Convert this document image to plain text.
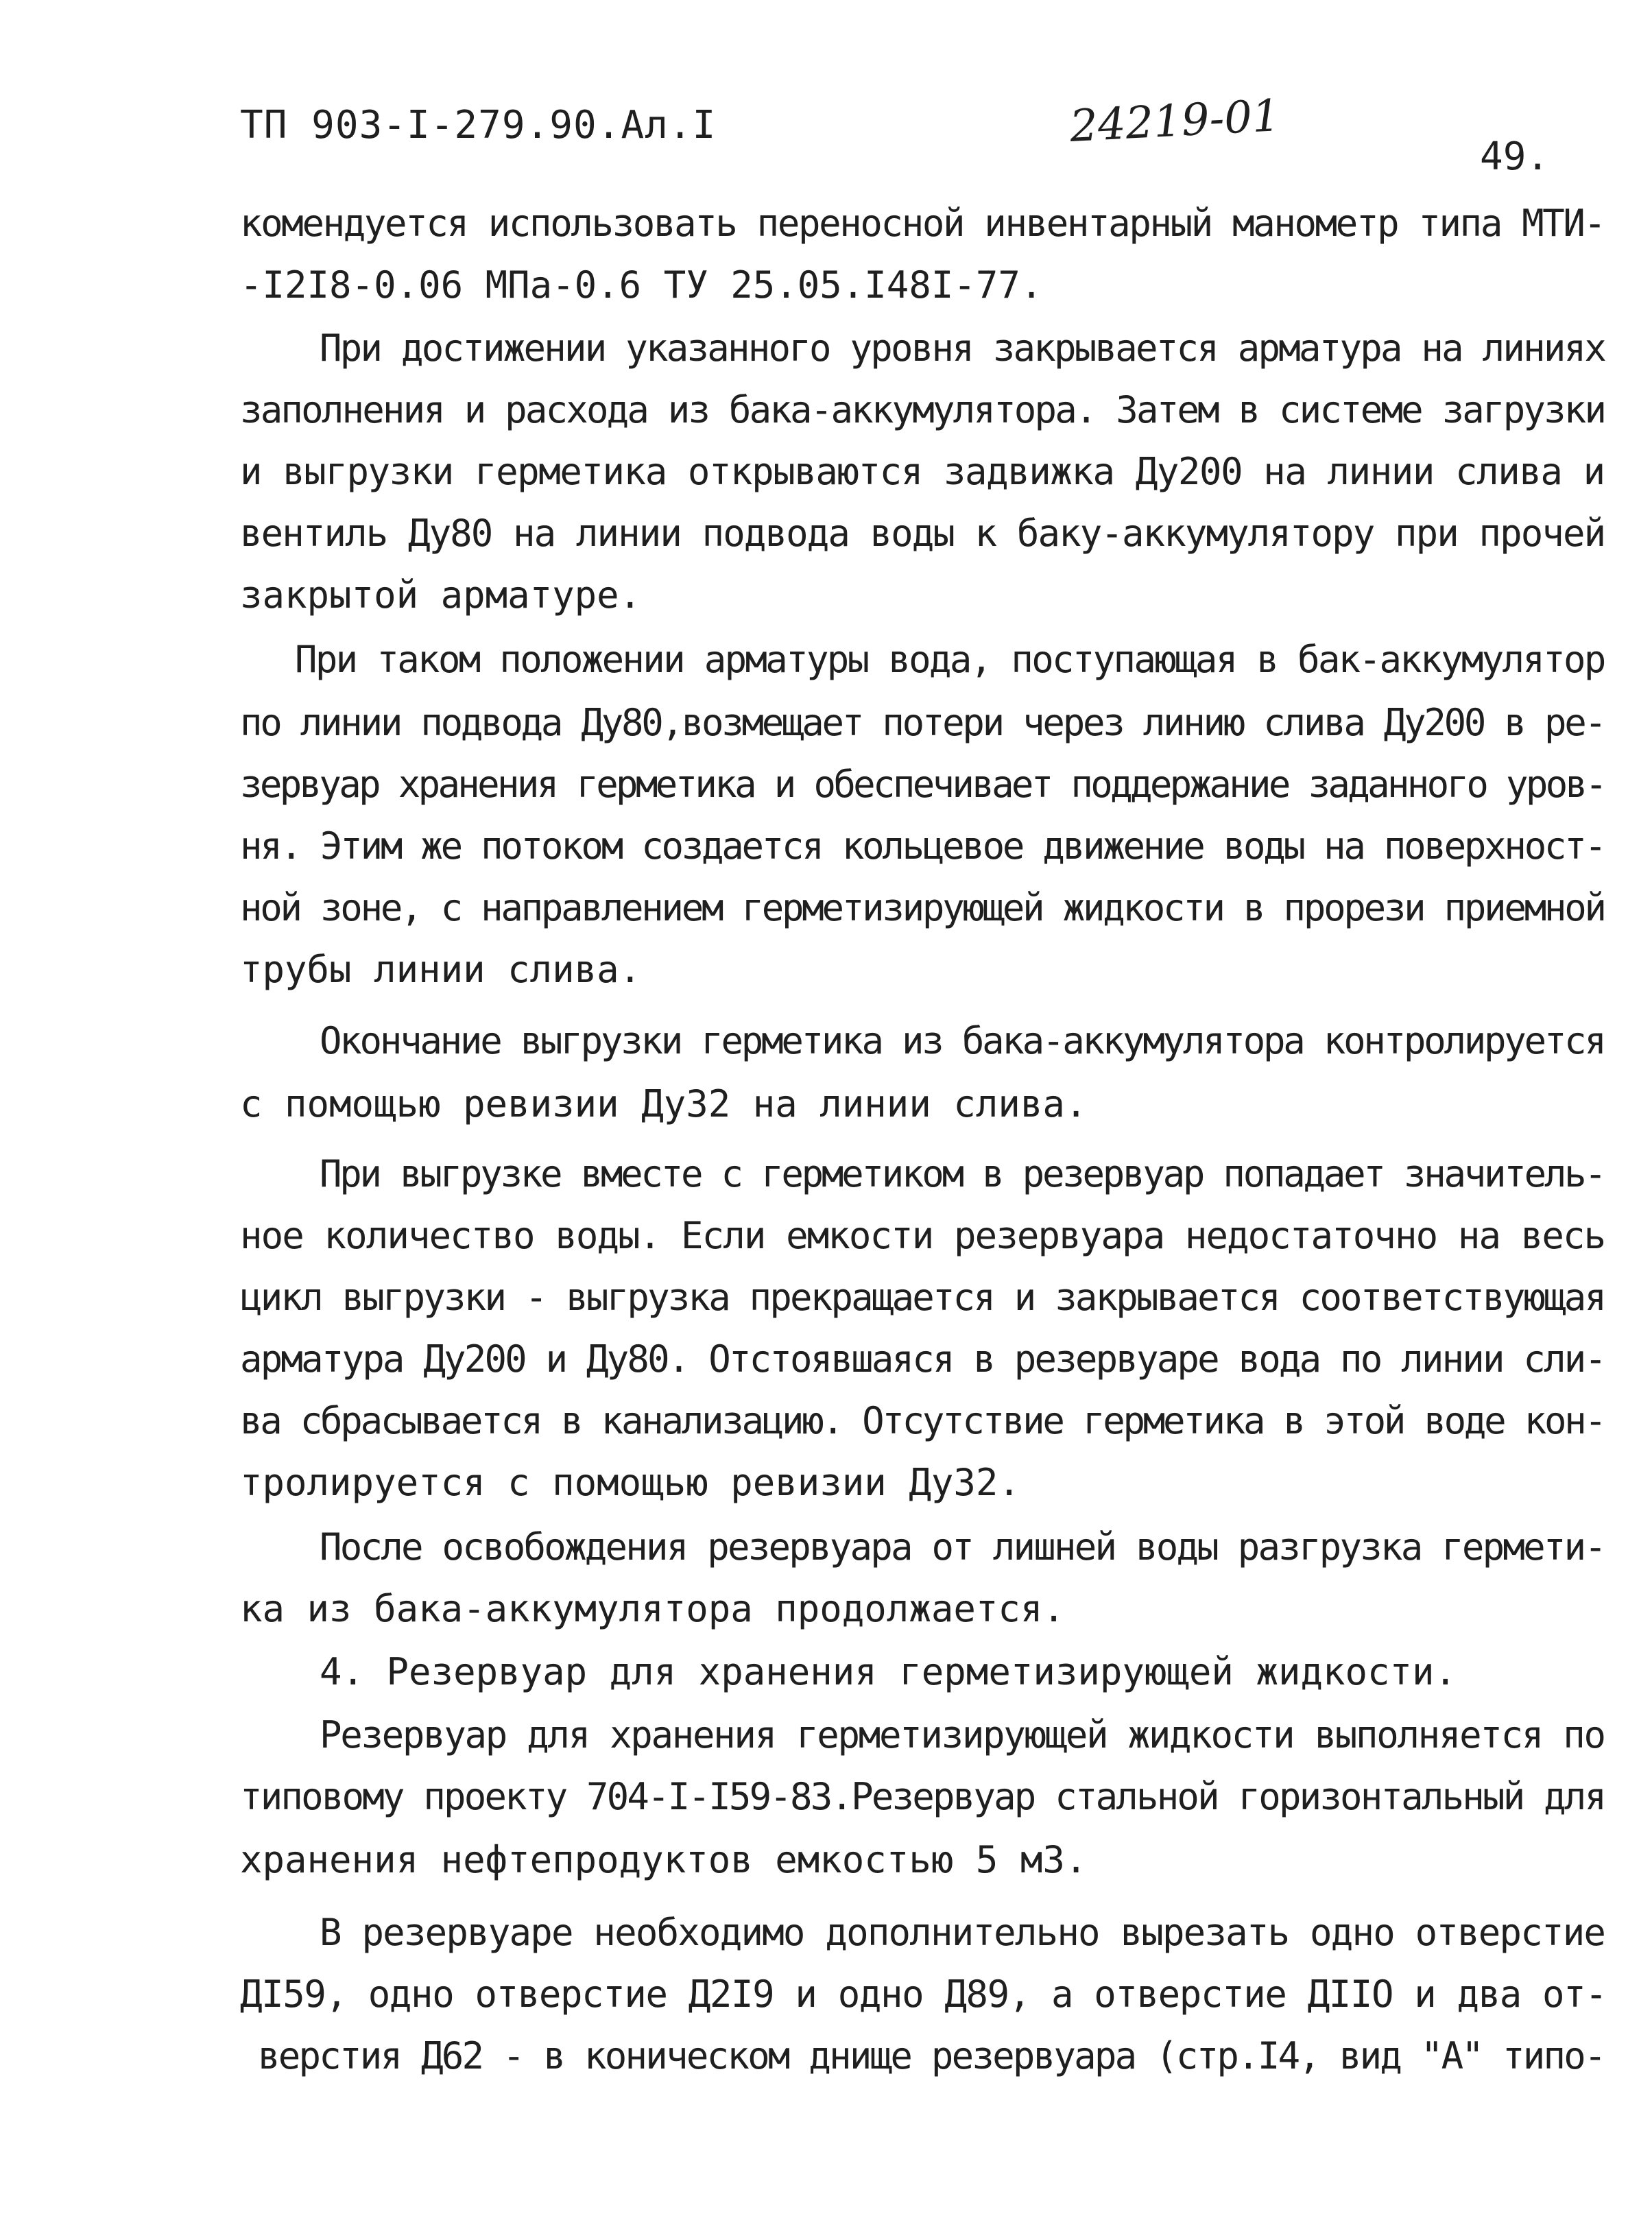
ТП 903-I-279.90.Ал.I	24219-01
49.
комендуется использовать переносной инвентарный манометр типа МТИ-
-I2I8-0.06 МПа-0.6 ТУ 25.05.I48I-77.
При достижении указанного уровня закрывается арматура на линиях
заполнения и расхода из бака-аккумулятора. Затем в системе загрузки
и выгрузки герметика открываются задвижка Ду200 на линии слива и
вентиль Ду80 на линии подвода воды к баку-аккумулятору при прочей
закрытой арматуре.
При таком положении арматуры вода, поступающая в бак-аккумулятор
по линии подвода Ду80,возмещает потери через линию слива Ду200 в ре-
зервуар хранения герметика и обеспечивает поддержание заданного уров-
ня. Этим же потоком создается кольцевое движение воды на поверхност-
ной зоне, с направлением герметизирующей жидкости в прорези приемной
трубы линии слива.
Окончание выгрузки герметика из бака-аккумулятора контролируется
с помощью ревизии Ду32 на линии слива.
При выгрузке вместе с герметиком в резервуар попадает значитель-
ное количество воды. Если емкости резервуара недостаточно на весь
цикл выгрузки - выгрузка прекращается и закрывается соответствующая
арматура Ду200 и Ду80. Отстоявшаяся в резервуаре вода по линии сли-
ва сбрасывается в канализацию. Отсутствие герметика в этой воде кон-
тролируется с помощью ревизии Ду32.
После освобождения резервуара от лишней воды разгрузка гермети-
ка из бака-аккумулятора продолжается.
4. Резервуар для хранения герметизирующей жидкости.
Резервуар для хранения герметизирующей жидкости выполняется по
типовому проекту 704-I-I59-83.Резервуар стальной горизонтальный для
хранения нефтепродуктов емкостью 5 м3.
В резервуаре необходимо дополнительно вырезать одно отверстие
ДI59, одно отверстие Д2I9 и одно Д89, а отверстие ДIIО и два от-
верстия Д62 - в коническом днище резервуара (стр.I4, вид "А" типо-
